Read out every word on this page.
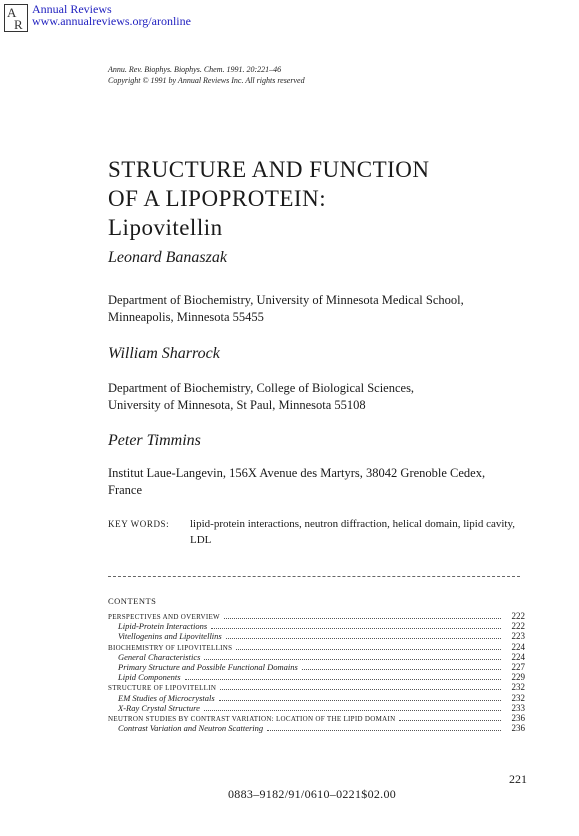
A
R
Annual Reviews
www.annualreviews.org/aronline
Annu. Rev. Biophys. Biophys. Chem. 1991. 20:221–46
Copyright © 1991 by Annual Reviews Inc. All rights reserved
STRUCTURE AND FUNCTION
OF A LIPOPROTEIN:
Lipovitellin
Leonard Banaszak
Department of Biochemistry, University of Minnesota Medical School,
Minneapolis, Minnesota 55455
William Sharrock
Department of Biochemistry, College of Biological Sciences,
University of Minnesota, St Paul, Minnesota 55108
Peter Timmins
Institut Laue-Langevin, 156X Avenue des Martyrs, 38042 Grenoble Cedex,
France
KEY WORDS: lipid-protein interactions, neutron diffraction, helical domain, lipid cavity, LDL
CONTENTS
PERSPECTIVES AND OVERVIEW	222
Lipid-Protein Interactions	222
Vitellogenins and Lipovitellins	223
BIOCHEMISTRY OF LIPOVITELLINS	224
General Characteristics	224
Primary Structure and Possible Functional Domains	227
Lipid Components	229
STRUCTURE OF LIPOVITELLIN	232
EM Studies of Microcrystals	232
X-Ray Crystal Structure	233
NEUTRON STUDIES BY CONTRAST VARIATION: LOCATION OF THE LIPID DOMAIN	236
Contrast Variation and Neutron Scattering	236
221
0883–9182/91/0610–0221$02.00
